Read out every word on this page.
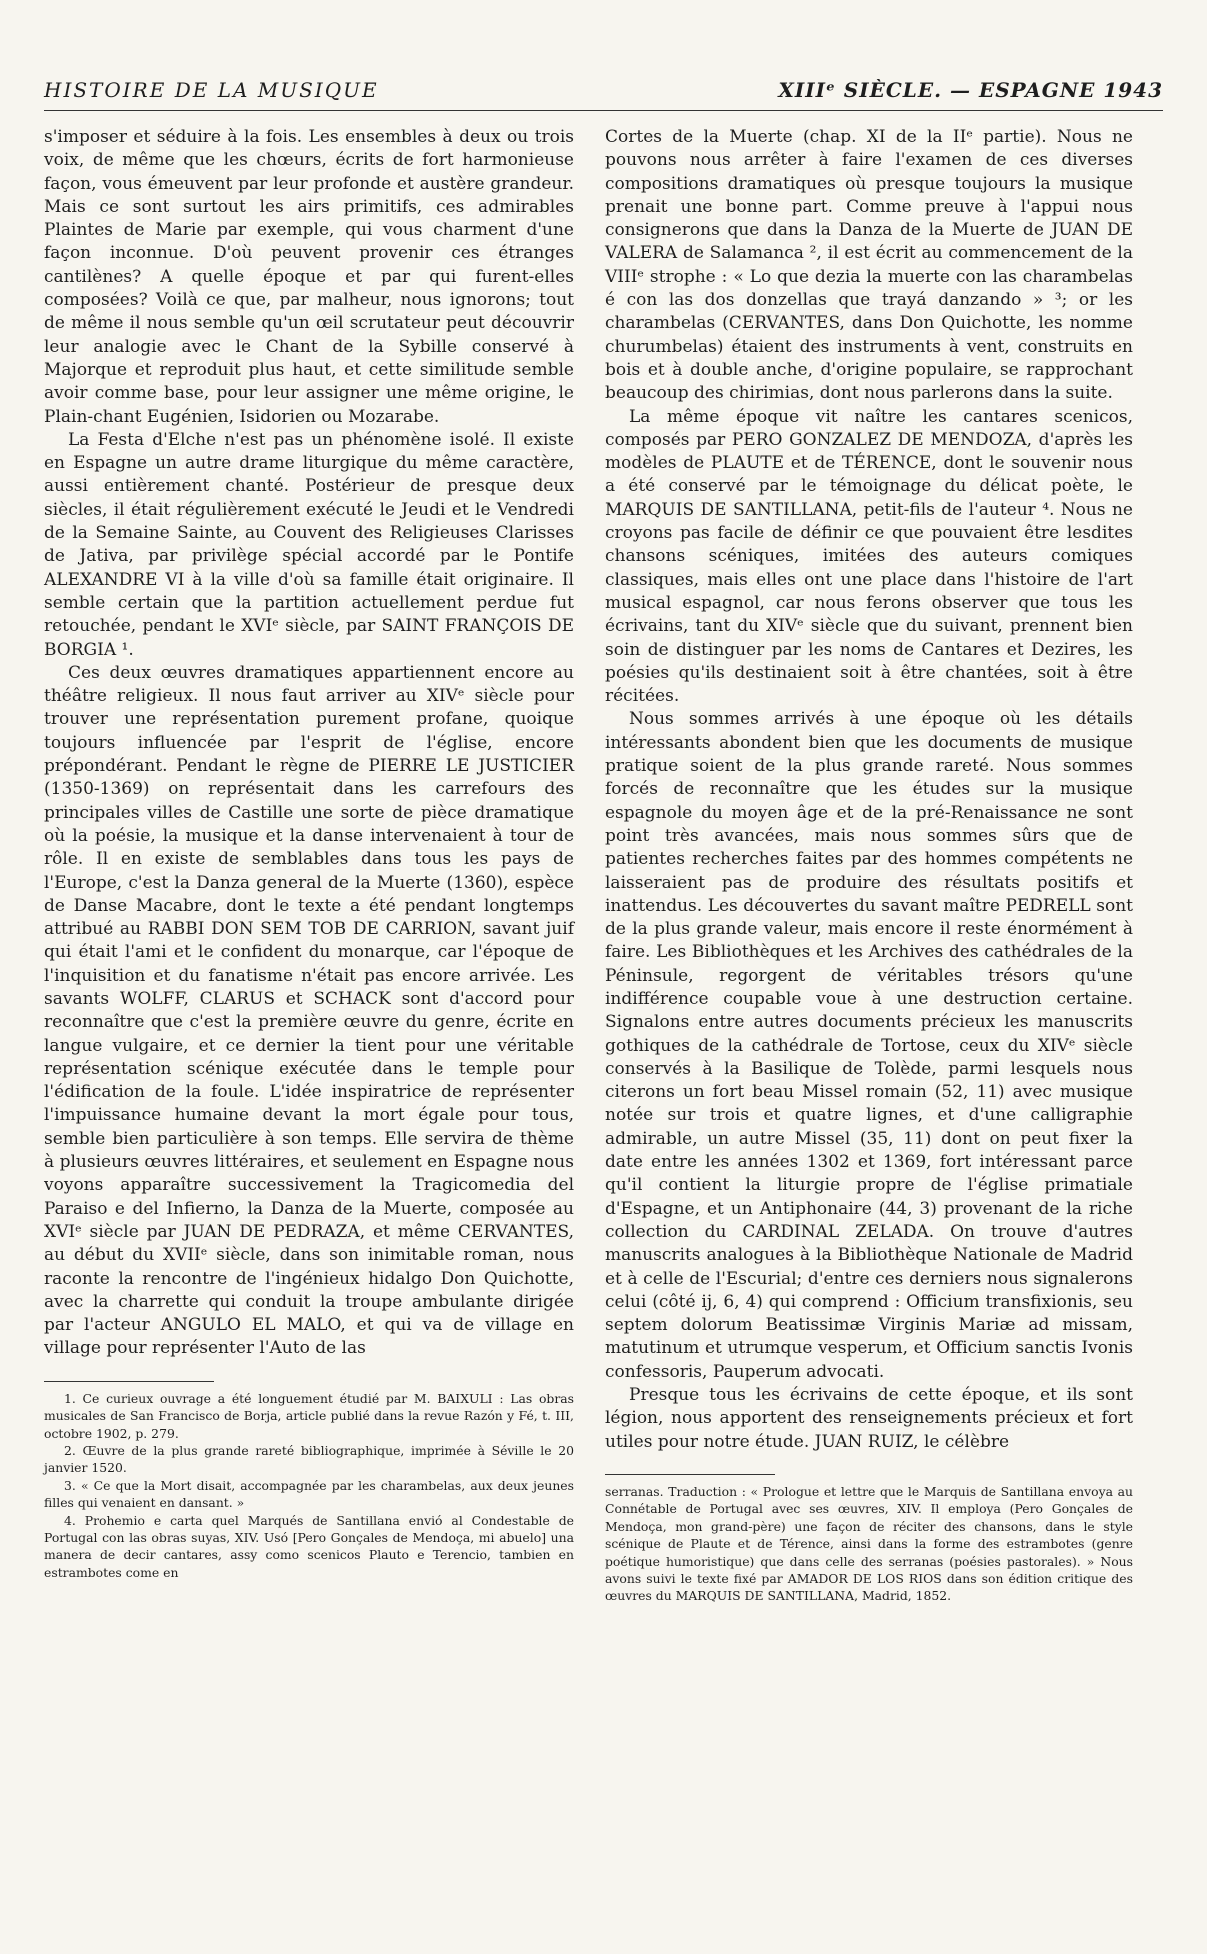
HISTOIRE DE LA MUSIQUE	XIIIᵉ SIÈCLE. — ESPAGNE 1943

s'imposer et séduire à la fois. Les ensembles à deux ou trois voix, de même que les chœurs, écrits de fort harmonieuse façon, vous émeuvent par leur profonde et austère grandeur. Mais ce sont surtout les airs primitifs, ces admirables Plaintes de Marie par exemple, qui vous charment d'une façon inconnue. D'où peuvent provenir ces étranges cantilènes? A quelle époque et par qui furent-elles composées? Voilà ce que, par malheur, nous ignorons; tout de même il nous semble qu'un œil scrutateur peut découvrir leur analogie avec le Chant de la Sybille conservé à Majorque et reproduit plus haut, et cette similitude semble avoir comme base, pour leur assigner une même origine, le Plain-chant Eugénien, Isidorien ou Mozarabe.

La Festa d'Elche n'est pas un phénomène isolé. Il existe en Espagne un autre drame liturgique du même caractère, aussi entièrement chanté. Postérieur de presque deux siècles, il était régulièrement exécuté le Jeudi et le Vendredi de la Semaine Sainte, au Couvent des Religieuses Clarisses de Jativa, par privilège spécial accordé par le Pontife ALEXANDRE VI à la ville d'où sa famille était originaire. Il semble certain que la partition actuellement perdue fut retouchée, pendant le XVIᵉ siècle, par SAINT FRANÇOIS DE BORGIA ¹.

Ces deux œuvres dramatiques appartiennent encore au théâtre religieux. Il nous faut arriver au XIVᵉ siècle pour trouver une représentation purement profane, quoique toujours influencée par l'esprit de l'église, encore prépondérant. Pendant le règne de PIERRE LE JUSTICIER (1350-1369) on représentait dans les carrefours des principales villes de Castille une sorte de pièce dramatique où la poésie, la musique et la danse intervenaient à tour de rôle. Il en existe de semblables dans tous les pays de l'Europe, c'est la Danza general de la Muerte (1360), espèce de Danse Macabre, dont le texte a été pendant longtemps attribué au RABBI DON SEM TOB DE CARRION, savant juif qui était l'ami et le confident du monarque, car l'époque de l'inquisition et du fanatisme n'était pas encore arrivée. Les savants WOLFF, CLARUS et SCHACK sont d'accord pour reconnaître que c'est la première œuvre du genre, écrite en langue vulgaire, et ce dernier la tient pour une véritable représentation scénique exécutée dans le temple pour l'édification de la foule. L'idée inspiratrice de représenter l'impuissance humaine devant la mort égale pour tous, semble bien particulière à son temps. Elle servira de thème à plusieurs œuvres littéraires, et seulement en Espagne nous voyons apparaître successivement la Tragicomedia del Paraiso e del Infierno, la Danza de la Muerte, composée au XVIᵉ siècle par JUAN DE PEDRAZA, et même CERVANTES, au début du XVIIᵉ siècle, dans son inimitable roman, nous raconte la rencontre de l'ingénieux hidalgo Don Quichotte, avec la charrette qui conduit la troupe ambulante dirigée par l'acteur ANGULO EL MALO, et qui va de village en village pour représenter l'Auto de las

1. Ce curieux ouvrage a été longuement étudié par M. BAIXULI : Las obras musicales de San Francisco de Borja, article publié dans la revue Razón y Fé, t. III, octobre 1902, p. 279.

2. Œuvre de la plus grande rareté bibliographique, imprimée à Séville le 20 janvier 1520.

3. « Ce que la Mort disait, accompagnée par les charambelas, aux deux jeunes filles qui venaient en dansant. »

4. Prohemio e carta quel Marqués de Santillana envió al Condestable de Portugal con las obras suyas, XIV. Usó [Pero Gonçales de Mendoça, mi abuelo] una manera de decir cantares, assy como scenicos Plauto e Terencio, tambien en estrambotes come en

Cortes de la Muerte (chap. XI de la IIᵉ partie). Nous ne pouvons nous arrêter à faire l'examen de ces diverses compositions dramatiques où presque toujours la musique prenait une bonne part. Comme preuve à l'appui nous consignerons que dans la Danza de la Muerte de JUAN DE VALERA de Salamanca ², il est écrit au commencement de la VIIIᵉ strophe : « Lo que dezia la muerte con las charambelas é con las dos donzellas que trayá danzando » ³; or les charambelas (CERVANTES, dans Don Quichotte, les nomme churumbelas) étaient des instruments à vent, construits en bois et à double anche, d'origine populaire, se rapprochant beaucoup des chirimias, dont nous parlerons dans la suite.

La même époque vit naître les cantares scenicos, composés par PERO GONZALEZ DE MENDOZA, d'après les modèles de PLAUTE et de TÉRENCE, dont le souvenir nous a été conservé par le témoignage du délicat poète, le MARQUIS DE SANTILLANA, petit-fils de l'auteur ⁴. Nous ne croyons pas facile de définir ce que pouvaient être lesdites chansons scéniques, imitées des auteurs comiques classiques, mais elles ont une place dans l'histoire de l'art musical espagnol, car nous ferons observer que tous les écrivains, tant du XIVᵉ siècle que du suivant, prennent bien soin de distinguer par les noms de Cantares et Dezires, les poésies qu'ils destinaient soit à être chantées, soit à être récitées.

Nous sommes arrivés à une époque où les détails intéressants abondent bien que les documents de musique pratique soient de la plus grande rareté. Nous sommes forcés de reconnaître que les études sur la musique espagnole du moyen âge et de la pré-Renaissance ne sont point très avancées, mais nous sommes sûrs que de patientes recherches faites par des hommes compétents ne laisseraient pas de produire des résultats positifs et inattendus. Les découvertes du savant maître PEDRELL sont de la plus grande valeur, mais encore il reste énormément à faire. Les Bibliothèques et les Archives des cathédrales de la Péninsule, regorgent de véritables trésors qu'une indifférence coupable voue à une destruction certaine. Signalons entre autres documents précieux les manuscrits gothiques de la cathédrale de Tortose, ceux du XIVᵉ siècle conservés à la Basilique de Tolède, parmi lesquels nous citerons un fort beau Missel romain (52, 11) avec musique notée sur trois et quatre lignes, et d'une calligraphie admirable, un autre Missel (35, 11) dont on peut fixer la date entre les années 1302 et 1369, fort intéressant parce qu'il contient la liturgie propre de l'église primatiale d'Espagne, et un Antiphonaire (44, 3) provenant de la riche collection du CARDINAL ZELADA. On trouve d'autres manuscrits analogues à la Bibliothèque Nationale de Madrid et à celle de l'Escurial; d'entre ces derniers nous signalerons celui (côté ij, 6, 4) qui comprend : Officium transfixionis, seu septem dolorum Beatissimæ Virginis Mariæ ad missam, matutinum et utrumque vesperum, et Officium sanctis Ivonis confessoris, Pauperum advocati.

Presque tous les écrivains de cette époque, et ils sont légion, nous apportent des renseignements précieux et fort utiles pour notre étude. JUAN RUIZ, le célèbre

serranas. Traduction : « Prologue et lettre que le Marquis de Santillana envoya au Connétable de Portugal avec ses œuvres, XIV. Il employa (Pero Gonçales de Mendoça, mon grand-père) une façon de réciter des chansons, dans le style scénique de Plaute et de Térence, ainsi dans la forme des estrambotes (genre poétique humoristique) que dans celle des serranas (poésies pastorales). » Nous avons suivi le texte fixé par AMADOR DE LOS RIOS dans son édition critique des œuvres du MARQUIS DE SANTILLANA, Madrid, 1852.
